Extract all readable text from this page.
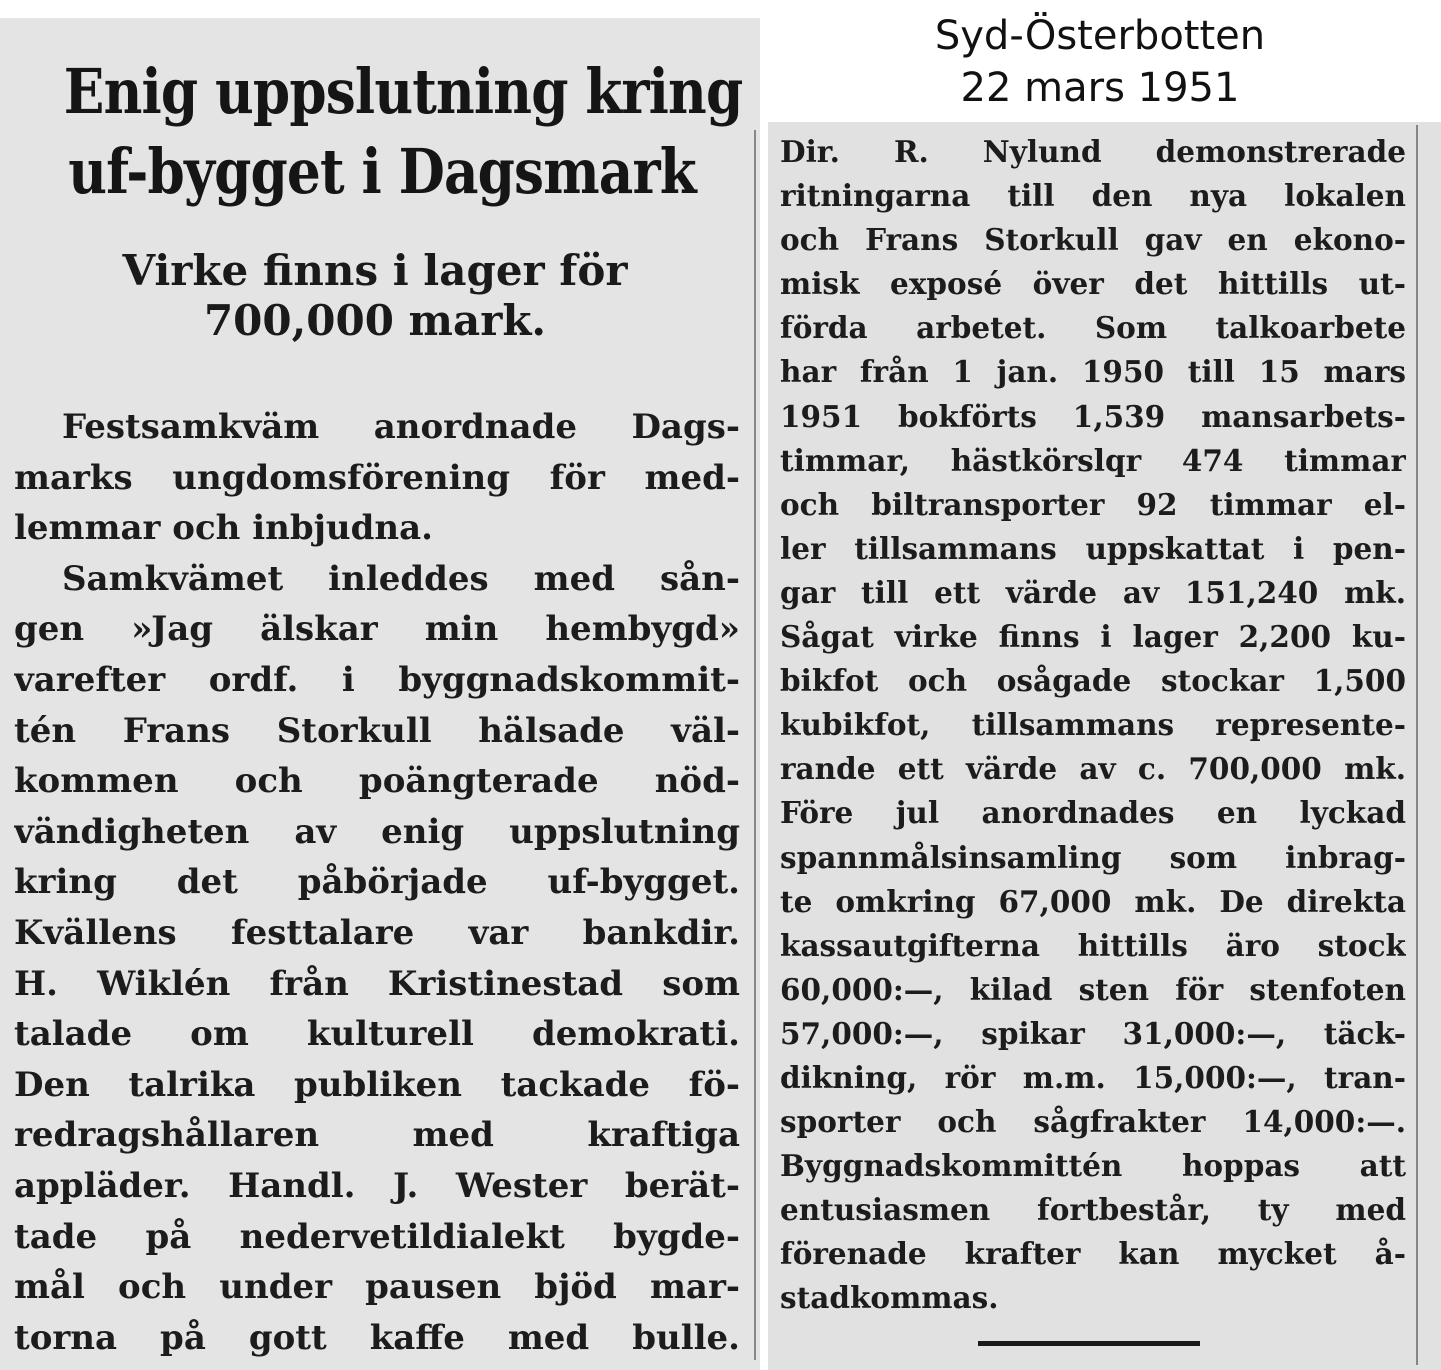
Syd-Österbotten
22 mars 1951
Enig uppslutning kring
uf-bygget i Dagsmark
Virke finns i lager för
700,000 mark.
Festsamkväm anordnade Dags-
marks ungdomsförening för med-
lemmar och inbjudna.
Samkvämet inleddes med sån-
gen »Jag älskar min hembygd»
varefter ordf. i byggnadskommit-
tén Frans Storkull hälsade väl-
kommen och poängterade nöd-
vändigheten av enig uppslutning
kring det påbörjade uf-bygget.
Kvällens festtalare var bankdir.
H. Wiklén från Kristinestad som
talade om kulturell demokrati.
Den talrika publiken tackade fö-
redragshållaren med kraftiga
appläder. Handl. J. Wester berät-
tade på nedervetildialekt bygde-
mål och under pausen bjöd mar-
torna på gott kaffe med bulle.
Dir. R. Nylund demonstrerade
ritningarna till den nya lokalen
och Frans Storkull gav en ekono-
misk exposé över det hittills ut-
förda arbetet. Som talkoarbete
har från 1 jan. 1950 till 15 mars
1951 bokförts 1,539 mansarbets-
timmar, hästkörslqr 474 timmar
och biltransporter 92 timmar el-
ler tillsammans uppskattat i pen-
gar till ett värde av 151,240 mk.
Sågat virke finns i lager 2,200 ku-
bikfot och osågade stockar 1,500
kubikfot, tillsammans represente-
rande ett värde av c. 700,000 mk.
Före jul anordnades en lyckad
spannmålsinsamling som inbrag-
te omkring 67,000 mk. De direkta
kassautgifterna hittills äro stock
60,000:—, kilad sten för stenfoten
57,000:—, spikar 31,000:—, täck-
dikning, rör m.m. 15,000:—, tran-
sporter och sågfrakter 14,000:—.
Byggnadskommittén hoppas att
entusiasmen fortbestår, ty med
förenade krafter kan mycket å-
stadkommas.
